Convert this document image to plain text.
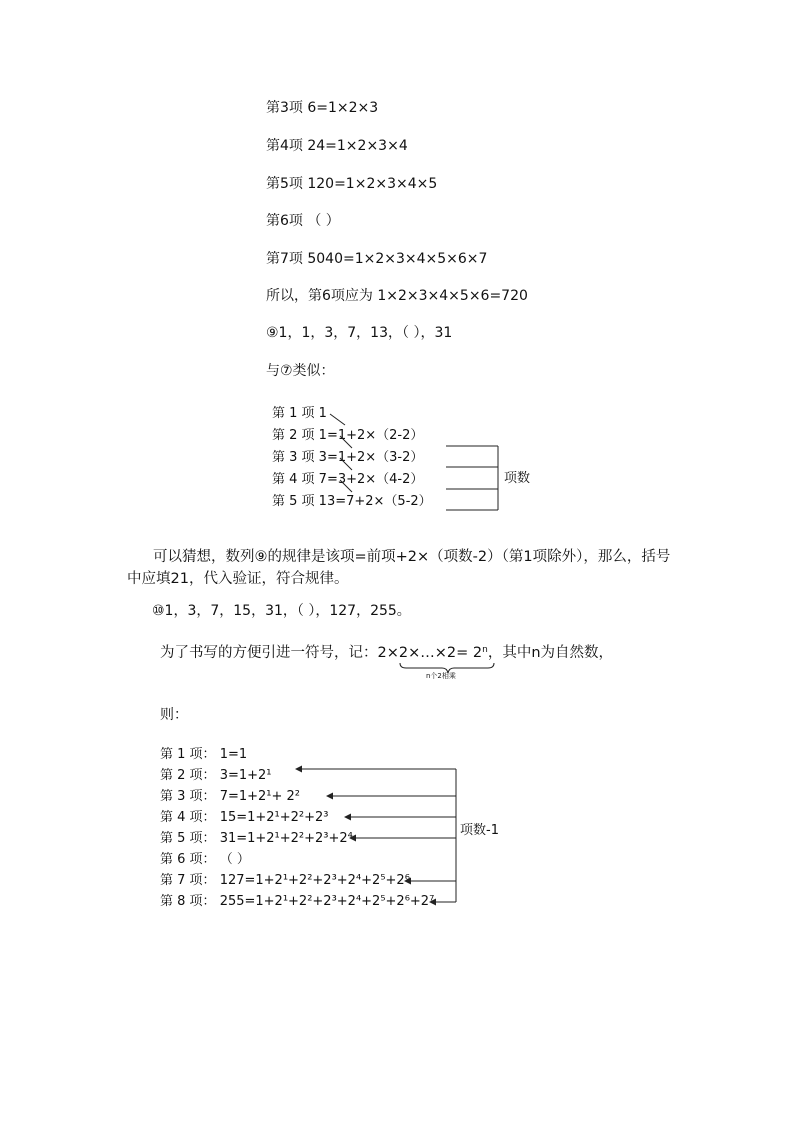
第3项 6=1×2×3
第4项 24=1×2×3×4
第5项 120=1×2×3×4×5
第6项 （ ）
第7项 5040=1×2×3×4×5×6×7
所以，第6项应为 1×2×3×4×5×6=720
⑨1，1，3，7，13，（ ），31
与⑦类似：
第 1 项 1
第 2 项 1=1+2×（2-2）
第 3 项 3=1+2×（3-2）
第 4 项 7=3+2×（4-2）
第 5 项 13=7+2×（5-2）
项数
可以猜想，数列⑨的规律是该项=前项+2×（项数-2）（第1项除外），那么，括号中应填21，代入验证，符合规律。
⑩1，3，7，15，31，（ ），127，255。
为了书写的方便引进一符号，记：2×2×…×2= $2^n$，其中n为自然数，
n个2相乘
则：
第 1 项： 1=1
第 2 项： 3=1+2¹
第 3 项： 7=1+2¹+ 2²
第 4 项： 15=1+2¹+2²+2³
第 5 项： 31=1+2¹+2²+2³+2⁴
第 6 项： （ ）
第 7 项： 127=1+2¹+2²+2³+2⁴+2⁵+2⁶
第 8 项： 255=1+2¹+2²+2³+2⁴+2⁵+2⁶+2⁷
项数-1
